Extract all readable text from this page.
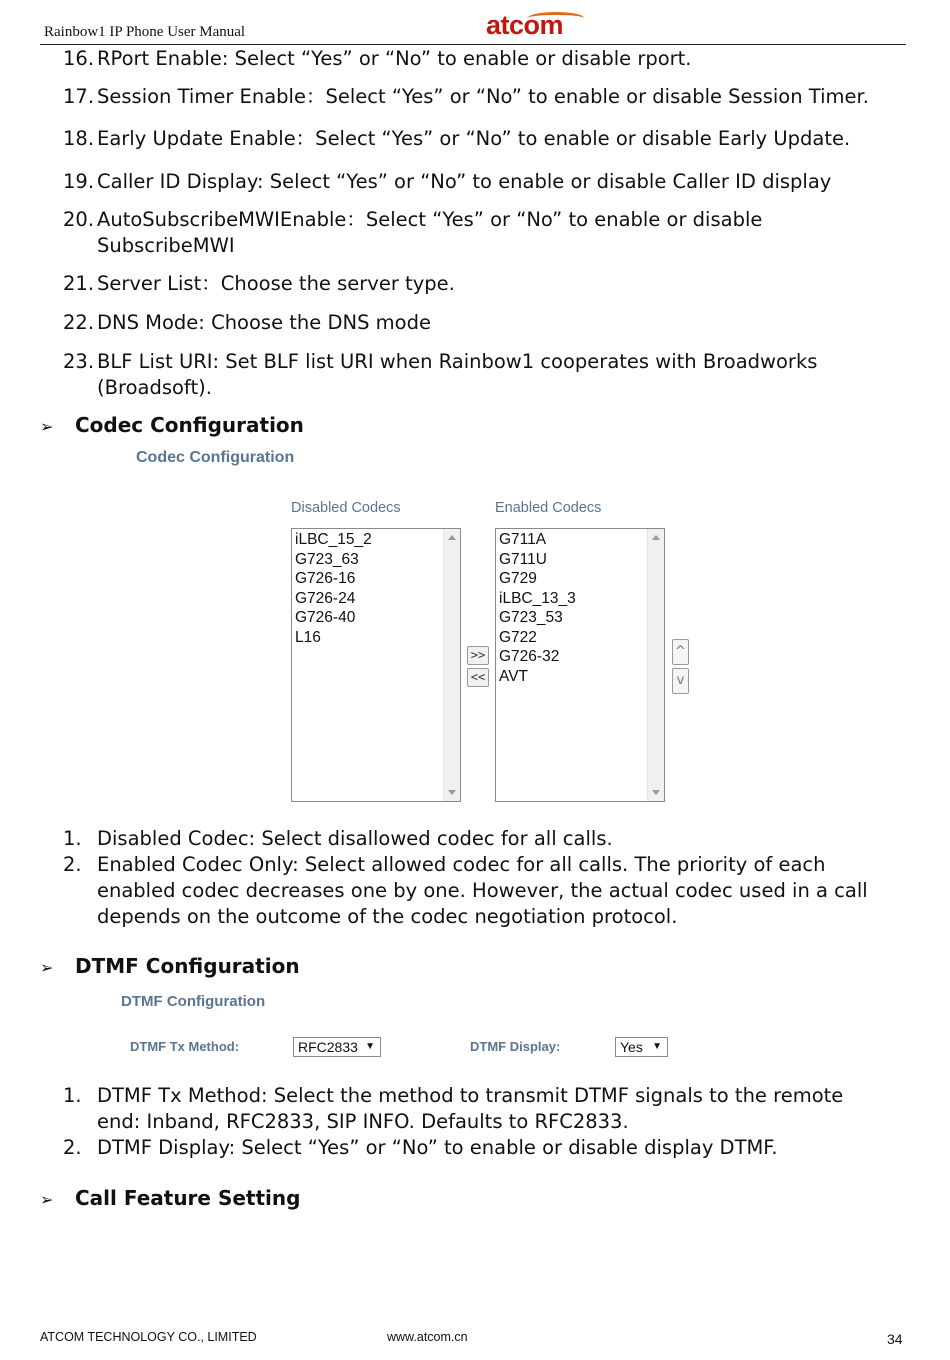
Rainbow1 IP Phone User Manual	atcom
16. RPort Enable: Select “Yes” or “No” to enable or disable rport.
17. Session Timer Enable：Select “Yes” or “No” to enable or disable Session Timer.
18. Early Update Enable：Select “Yes” or “No” to enable or disable Early Update.
19. Caller ID Display: Select “Yes” or “No” to enable or disable Caller ID display
20. AutoSubscribeMWIEnable：Select “Yes” or “No” to enable or disable
SubscribeMWI
21. Server List：Choose the server type.
22. DNS Mode: Choose the DNS mode
23. BLF List URI: Set BLF list URI when Rainbow1 cooperates with Broadworks
(Broadsoft).
➢ Codec Configuration
Codec Configuration
Disabled Codecs	Enabled Codecs
iLBC_15_2
G723_63
G726-16
G726-24
G726-40
L16
>>
<<
G711A
G711U
G729
iLBC_13_3
G723_53
G722
G726-32
AVT
^
v
1. Disabled Codec: Select disallowed codec for all calls.
2. Enabled Codec Only: Select allowed codec for all calls. The priority of each
enabled codec decreases one by one. However, the actual codec used in a call
depends on the outcome of the codec negotiation protocol.
➢ DTMF Configuration
DTMF Configuration
DTMF Tx Method:	RFC2833 ▼	DTMF Display:	Yes ▼
1. DTMF Tx Method: Select the method to transmit DTMF signals to the remote
end: Inband, RFC2833, SIP INFO. Defaults to RFC2833.
2. DTMF Display: Select “Yes” or “No” to enable or disable display DTMF.
➢ Call Feature Setting
ATCOM TECHNOLOGY CO., LIMITED	www.atcom.cn	34
